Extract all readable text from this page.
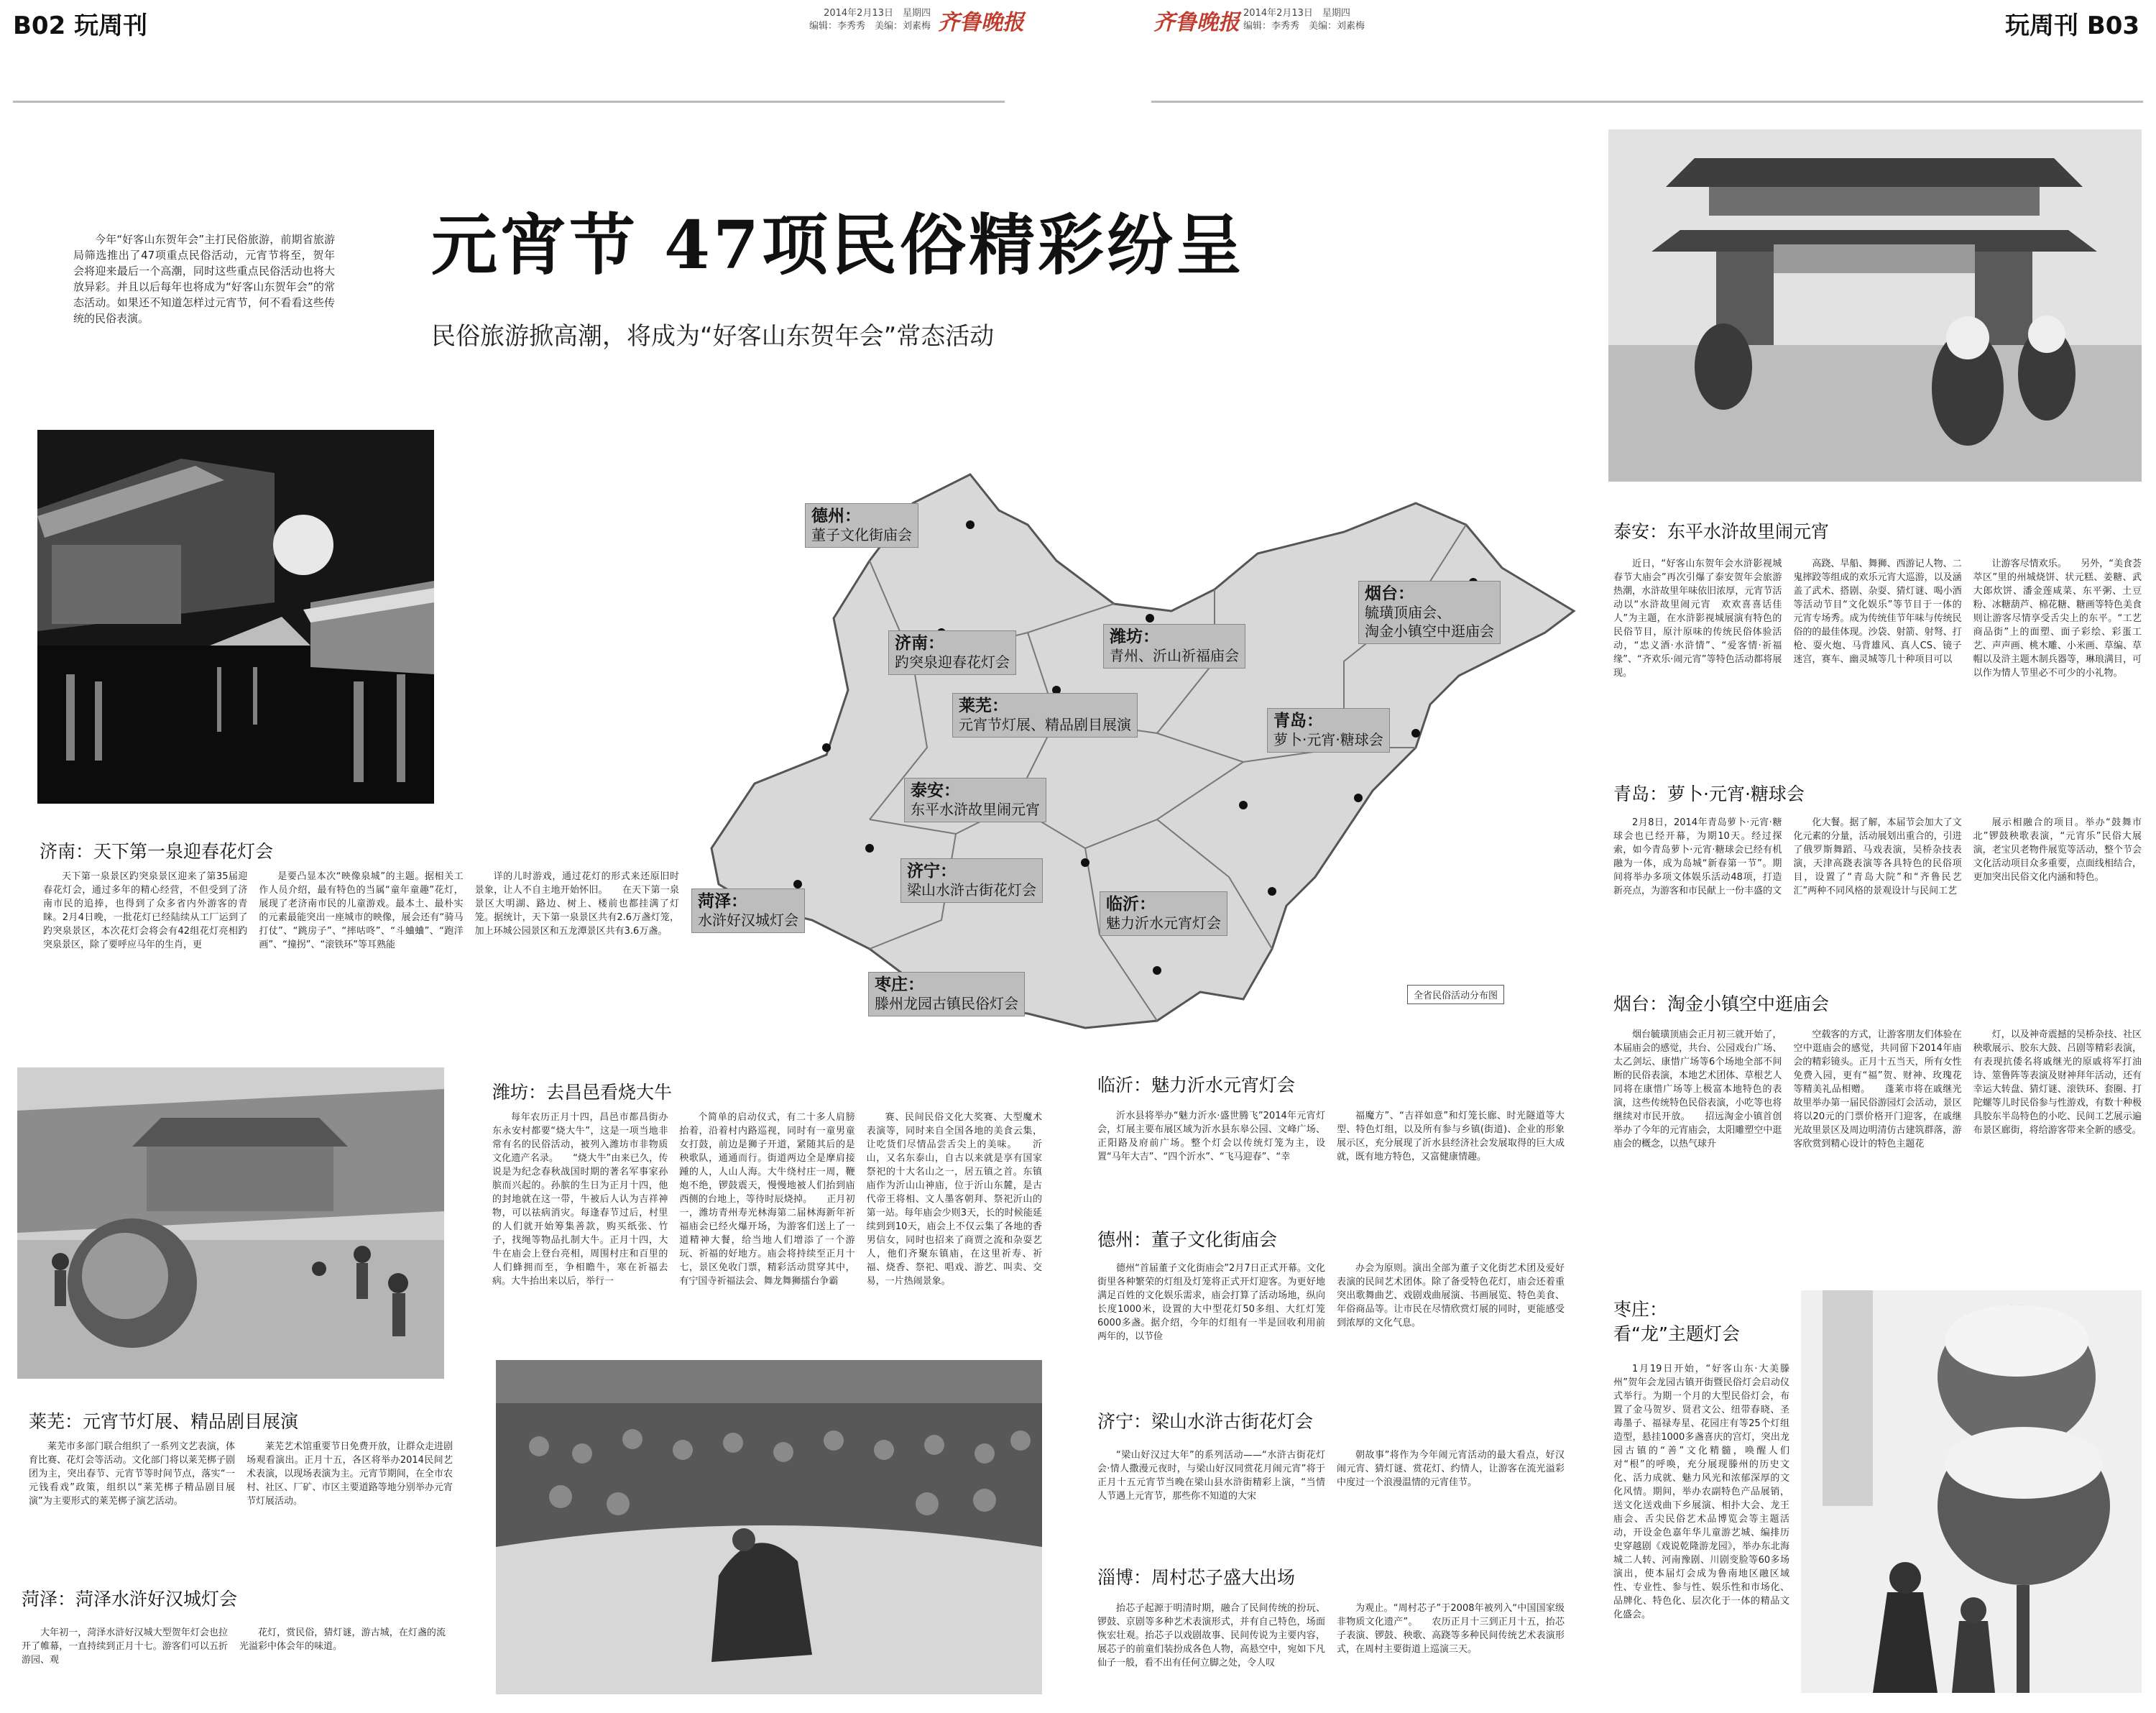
B02 玩周刊	2014年2月13日　星期四
编辑：李秀秀　美编：刘素梅 齐鲁晚报	齐鲁晚报 2014年2月13日　星期四
编辑：李秀秀　美编：刘素梅	玩周刊 B03
今年“好客山东贺年会”主打民俗旅游，前期省旅游局筛选推出了47项重点民俗活动，元宵节将至，贺年会将迎来最后一个高潮，同时这些重点民俗活动也将大放异彩。并且以后每年也将成为“好客山东贺年会”的常态活动。如果还不知道怎样过元宵节，何不看看这些传统的民俗表演。
元宵节 47项民俗精彩纷呈
民俗旅游掀高潮，将成为“好客山东贺年会”常态活动
德州：
董子文化街庙会
济南：
趵突泉迎春花灯会
潍坊：
青州、沂山祈福庙会
烟台：
毓璜顶庙会、
淘金小镇空中逛庙会
莱芜：
元宵节灯展、精品剧目展演	青岛：
萝卜·元宵·糖球会
泰安：
东平水浒故里闹元宵
济宁：
梁山水浒古街花灯会
菏泽：
水浒好汉城灯会
临沂：
魅力沂水元宵灯会
枣庄：
滕州龙园古镇民俗灯会	全省民俗活动分布图
济南：天下第一泉迎春花灯会
天下第一泉景区趵突泉景区迎来了第35届迎春花灯会，通过多年的精心经营，不但受到了济南市民的追捧，也得到了众多省内外游客的青睐。2月4日晚，一批花灯已经陆续从工厂运到了趵突泉景区，本次花灯会将会有42组花灯亮相趵突泉景区，除了要呼应马年的生肖，更
是要凸显本次“映像泉城”的主题。据相关工作人员介绍，最有特色的当属“童年童趣”花灯，展现了老济南市民的儿童游戏。最本土、最朴实的元素最能突出一座城市的映像，展会还有“骑马打仗”、“跳房子”、“摔咕咚”、“斗蛐蛐”、“跑洋画”、“撞拐”、“滚铁环”等耳熟能
详的儿时游戏，通过花灯的形式来还原旧时景象，让人不自主地开始怀旧。　　在天下第一泉景区大明湖、路边、树上、楼前也都挂满了灯笼。据统计，天下第一泉景区共有2.6万盏灯笼，加上环城公园景区和五龙潭景区共有3.6万盏。
莱芜：元宵节灯展、精品剧目展演
莱芜市多部门联合组织了一系列文艺表演，体育比赛、花灯会等活动。文化部门将以莱芜梆子剧团为主，突出春节、元宵节等时间节点，落实“一元钱看戏”政策，组织以“莱芜梆子精品剧目展演”为主要形式的莱芜梆子演艺活动。
莱芜艺术馆重要节日免费开放，让群众走进剧场观看演出。正月十五，各区将举办2014民间艺术表演，以现场表演为主。元宵节期间，在全市农村、社区、厂矿、市区主要道路等地分别举办元宵节灯展活动。
菏泽：菏泽水浒好汉城灯会
大年初一，菏泽水浒好汉城大型贺年灯会也拉开了帷幕，一直持续到正月十七。游客们可以五折游园、观
花灯，赏民俗，猜灯谜，游古城，在灯盏的流光溢彩中体会年的味道。
潍坊：去昌邑看烧大牛
每年农历正月十四，昌邑市都昌街办东永安村都要“烧大牛”，这是一项当地非常有名的民俗活动，被列入潍坊市非物质文化遗产名录。　　“烧大牛”由来已久，传说是为纪念春秋战国时期的著名军事家孙膑而兴起的。孙膑的生日为正月十四，他的封地就在这一带，牛被后人认为吉祥神物，可以祛病消灾。每逢春节过后，村里的人们就开始筹集善款，购买纸张、竹子，找绳等物品扎制大牛。正月十四，大牛在庙会上登台亮相，周围村庄和百里的人们蜂拥而至，争相瞻牛，寒在祈福去病。大牛抬出来以后，举行一
个简单的启动仪式，有二十多人肩膀抬着，沿着村内路巡视，同时有一童男童女打鼓，前边是狮子开道，紧随其后的是秧歌队，通通而行。街道两边全是摩肩接踵的人，人山人海。大牛绕村庄一周，鞭炮不绝，锣鼓震天，慢慢地被人们抬到庙西侧的台地上，等待时辰烧掉。　　正月初一，潍坊青州寿光林海第二届林海新年祈福庙会已经火爆开场，为游客们送上了一道精神大餐，给当地人们增添了一个游玩、祈福的好地方。庙会将持续至正月十七，景区免收门票，精彩活动贯穿其中，有宁国寺祈福法会、舞龙舞狮擂台争霸
赛、民间民俗文化大奖赛、大型魔术表演等，同时来自全国各地的美食云集，让吃货们尽情品尝舌尖上的美味。　　沂山，又名东泰山，自古以来就是享有国家祭祀的十大名山之一，居五镇之首。东镇庙作为沂山山神庙，位于沂山东麓，是古代帝王将相、文人墨客朝拜、祭祀沂山的第一站。每年庙会少则3天，长的时候能延续到到10天，庙会上不仅云集了各地的香男信女，同时也招来了商贾之流和杂耍艺人，他们齐聚东镇庙，在这里祈寿、祈福、烧香、祭祀、唱戏、游艺、叫卖、交易，一片热闹景象。
临沂：魅力沂水元宵灯会
沂水县将举办“魅力沂水·盛世腾飞”2014年元宵灯会，灯展主要布展区域为沂水县东皋公园、文峰广场、正阳路及府前广场。整个灯会以传统灯笼为主，设置“马年大吉”、“四个沂水”、“飞马迎春”、“幸
福魔方”、“吉祥如意”和灯笼长廊、时光隧道等大型、特色灯组，以及所有参与乡镇(街道)、企业的形象展示区，充分展现了沂水县经济社会发展取得的巨大成就，既有地方特色，又富健康情趣。
德州：董子文化街庙会
德州“首届董子文化街庙会”2月7日正式开幕。文化街里各种繁荣的灯组及灯笼将正式开灯迎客。为更好地满足百姓的文化娱乐需求，庙会打算了活动场地，纵向长度1000米，设置的大中型花灯50多组、大红灯笼6000多盏。据介绍，今年的灯组有一半是回收利用前两年的，以节俭
办会为原则。演出全部为董子文化街艺术团及爱好表演的民间艺术团体。除了备受特色花灯，庙会还着重突出歌舞曲艺、戏剧戏曲展演、书画展览、特色美食、年俗商品等。让市民在尽情欣赏灯展的同时，更能感受到浓厚的文化气息。
济宁：梁山水浒古街花灯会
“梁山好汉过大年”的系列活动——“水浒古街花灯会·情人撒漫元夜时，与梁山好汉同赏花月闹元宵”将于正月十五元宵节当晚在梁山县水浒街精彩上演，“当情人节遇上元宵节，那些你不知道的大宋
朝故事”将作为今年闹元宵活动的最大看点，好汉闹元宵、猜灯谜、赏花灯、约情人，让游客在流光溢彩中度过一个浪漫温情的元宵佳节。
淄博：周村芯子盛大出场
抬芯子起源于明清时期，融合了民间传统的扮玩、锣鼓、京剧等多种艺术表演形式，并有自己特色，场面恢宏壮观。抬芯子以戏剧故事、民间传说为主要内容，展芯子的前童们装扮成各色人物，高悬空中，宛如下凡仙子一般，看不出有任何立脚之处，令人叹
为观止。“周村芯子”于2008年被列入“中国国家级非物质文化遗产”。　　农历正月十三到正月十五，抬芯子表演、锣鼓、秧歌、高跷等多种民间传统艺术表演形式，在周村主要街道上巡演三天。
泰安：东平水浒故里闹元宵
近日，“好客山东贺年会水浒影视城春节大庙会”再次引爆了泰安贺年会旅游热潮，水浒故里年味依旧浓厚，元宵节活动以“水浒故里闹元宵　欢欢喜喜话佳人”为主题，在水浒影视城展演有特色的民俗节目，原汁原味的传统民俗体验活动，“忠义酒·水浒情”、“爱客情·祈福缘”、“齐欢乐·闹元宵”等特色活动都将展现。
高跷、旱船、舞狮、西游记人物、二鬼摔跤等组成的欢乐元宵大巡游，以及涵盖了武术、搭剧、杂耍、猜灯谜、喝小酒等活动节目“文化娱乐”等节目于一体的元宵专场秀。成为传统佳节年味与传统民俗的的最佳体现。沙袋、射箭、射弩、打枪、耍火炮、马背雄风、真人CS、镜子迷宫，赛车、幽灵城等几十种项目可以
让游客尽情欢乐。　　另外，“美食荟萃区”里的州城烧饼、状元糕、姜糖、武大郎炊饼、潘金莲咸菜、东平粥、土豆粉、冰糖葫芦、棉花糖、糖画等特色美食则让游客尽情享受舌尖上的东平。“工艺商品街”上的面塑、面子彩绘、彩蛋工艺、声声画、桃木雕、小米画、草编、草帽以及浒主题木制兵器等，琳琅满目，可以作为情人节里必不可少的小礼物。
青岛：萝卜·元宵·糖球会
2月8日，2014年青岛萝卜·元宵·糖球会也已经开幕，为期10天。经过探索，如今青岛萝卜·元宵·糖球会已经有机融为一体，成为岛城“新春第一节”。期间将举办多项文体娱乐活动48项，打造新亮点，为游客和市民献上一份丰盛的文
化大餐。据了解，本届节会加大了文化元素的分量，活动展划出重合的，引进了俄罗斯舞蹈、马戏表演，吴桥杂技表演，天津高跷表演等各具特色的民俗项目，设置了“青岛大院”和“齐鲁民艺汇”两种不同风格的景观设计与民间工艺
展示相融合的项目。举办“鼓舞市北”锣鼓秧歌表演，“元宵乐”民俗大展演，老宝贝老物件展览等活动，整个节会文化活动项目众多重要，点面线相结合，更加突出民俗文化内涵和特色。
烟台：淘金小镇空中逛庙会
烟台毓璜顶庙会正月初三就开始了，本届庙会的感觉，共台、公园戏台广场、太乙剑坛、康惜广场等6个场地全部不间断的民俗表演，本地艺术团体、草根艺人同将在康惜广场等上极富本地特色的表演，这些传统特色民俗表演，小吃等也将继续对市民开放。　　招远淘金小镇首创举办了今年的元宵庙会，太阳雕塑空中逛庙会的概念，以热气球升
空载客的方式，让游客朋友们体验在空中逛庙会的感觉，共同留下2014年庙会的精彩镜头。正月十五当天，所有女性免费入园，更有“福”贺、财神、玫瑰花等精美礼品相赠。　　蓬莱市将在戚继光故里举办第一届民俗游园灯会活动，景区将以20元的门票价格开门迎客，在戚继光故里景区及周边明清仿古建筑群落，游客欣赏到精心设计的特色主题花
灯，以及神奇震撼的吴桥杂技、社区秧歌展示、胶东大鼓、吕剧等精彩表演，有表现抗倭名将戚继光的原戚将军打油诗、筮鲁阵等表演及财神拜年活动，还有幸运大转盘、猜灯谜、滚铁环、套圈、打陀螺等儿时民俗参与性游戏，有数十种极具胶东半岛特色的小吃、民间工艺展示遍布景区廊街，将给游客带来全新的感受。
枣庄：
看“龙”主题灯会
1月19日开始，“好客山东·大美滕州”贺年会龙园古镇开街暨民俗灯会启动仪式举行。为期一个月的大型民俗灯会，布置了金马贺岁、贤君文公、纽带春晓、圣毒墨子、福禄寿星、花园庄有等25个灯组造型，悬挂1000多盏喜庆的宫灯，突出龙园古镇的“善”文化精髓，唤醒人们对“根”的呼唤，充分展现滕州的历史文化、活力成就、魅力风光和浓郁深厚的文化风情。期间，举办农副特色产品展销，送文化送戏曲下乡展演、相扑大会、龙王庙会、舌尖民俗艺术品博览会等主题活动，开设金色嘉年华儿童游艺城、编排历史穿越剧《戏说乾隆游龙园》，举办东北海城二人转、河南豫剧、川剧变脸等60多场演出，使本届灯会成为鲁南地区融区域性、专业性、参与性、娱乐性和市场化、品牌化、特色化、层次化于一体的精品文化盛会。
